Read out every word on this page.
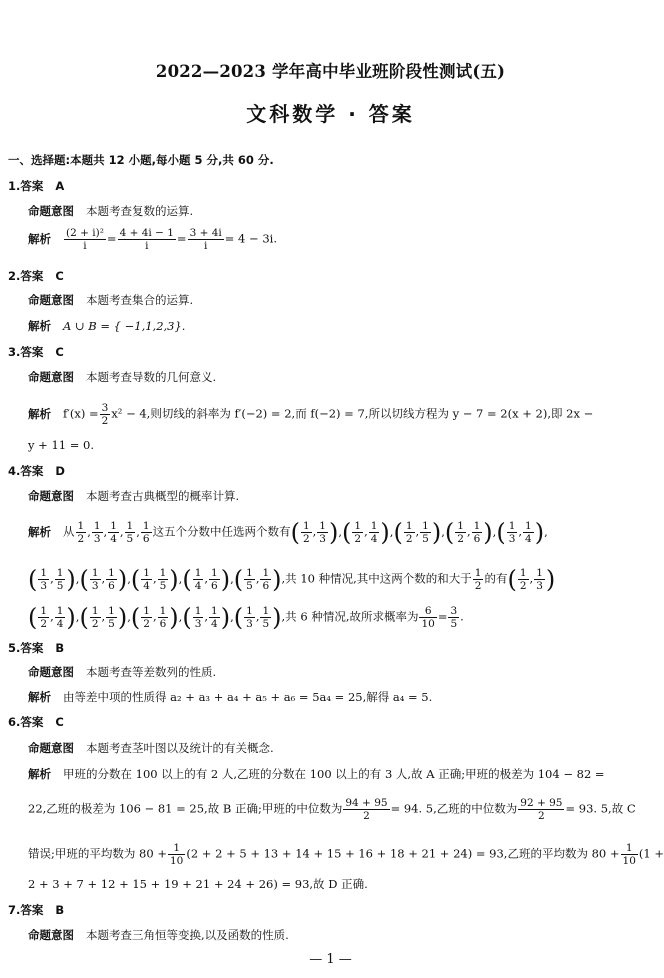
2022—2023 学年高中毕业班阶段性测试(五)
文科数学 · 答案
一、选择题:本题共 12 小题,每小题 5 分,共 60 分.
1.答案 A
命题意图 本题考查复数的运算.
解析 $\frac{\text{(2 + i)²}}{i} = \frac{4 + 4i - 1}{i} = \frac{3 + 4i}{i} = 4 - 3i$.
2.答案 C
命题意图 本题考查集合的运算.
解析 A ∪ B = { −1,1,2,3}.
3.答案 C
命题意图 本题考查导数的几何意义.
解析 $f'(x) = \frac{3}{2} x^2 - 4$,则切线的斜率为 f′(−2) = 2,而 f(−2) = 7,所以切线方程为 y − 7 = 2(x + 2),即 2x −
y + 11 = 0.
4.答案 D
命题意图 本题考查古典概型的概率计算.
解析 从 $\frac{1}{2}$ , $\frac{1}{3}$ , $\frac{1}{4}$ , $\frac{1}{5}$ , $\frac{1}{6}$ 这五个分数中任选两个数有( $\frac{1}{2}$ , $\frac{1}{3}$ ),( $\frac{1}{2}$ , $\frac{1}{4}$ ),( $\frac{1}{2}$ , $\frac{1}{5}$ ),( $\frac{1}{2}$ , $\frac{1}{6}$ ),( $\frac{1}{3}$ , $\frac{1}{4}$ ),
( $\frac{1}{3}$ , $\frac{1}{5}$ ),( $\frac{1}{3}$ , $\frac{1}{6}$ ),( $\frac{1}{4}$ , $\frac{1}{5}$ ),( $\frac{1}{4}$ , $\frac{1}{6}$ ),( $\frac{1}{5}$ , $\frac{1}{6}$ ),共 10 种情况,其中这两个数的和大于 $\frac{1}{2}$ 的有( $\frac{1}{2}$ , $\frac{1}{3}$ )
( $\frac{1}{2}$ , $\frac{1}{4}$ ),( $\frac{1}{2}$ , $\frac{1}{5}$ ),( $\frac{1}{2}$ , $\frac{1}{6}$ ),( $\frac{1}{3}$ , $\frac{1}{4}$ ),( $\frac{1}{3}$ , $\frac{1}{5}$ ),共 6 种情况,故所求概率为 $\frac{6}{10} = \frac{3}{5}$ .
5.答案 B
命题意图 本题考查等差数列的性质.
解析 由等差中项的性质得 a₂ + a₃ + a₄ + a₅ + a₆ = 5a₄ = 25,解得 a₄ = 5.
6.答案 C
命题意图 本题考查茎叶图以及统计的有关概念.
解析 甲班的分数在 100 以上的有 2 人,乙班的分数在 100 以上的有 3 人,故 A 正确;甲班的极差为 104 − 82 =
22,乙班的极差为 106 − 81 = 25,故 B 正确;甲班的中位数为 $\frac{94 + 95}{2} = 94$. 5,乙班的中位数为 $\frac{92 + 95}{2} = 93$. 5,故 C
错误;甲班的平均数为 $80 + \frac{1}{10} (2 + 2 + 5 + 13 + 14 + 15 + 16 + 18 + 21 + 24) = 93$,乙班的平均数为 $80 + \frac{1}{10} (1$ +
2 + 3 + 7 + 12 + 15 + 19 + 21 + 24 + 26) = 93,故 D 正确.
7.答案 B
命题意图 本题考查三角恒等变换,以及函数的性质.
— 1 —
